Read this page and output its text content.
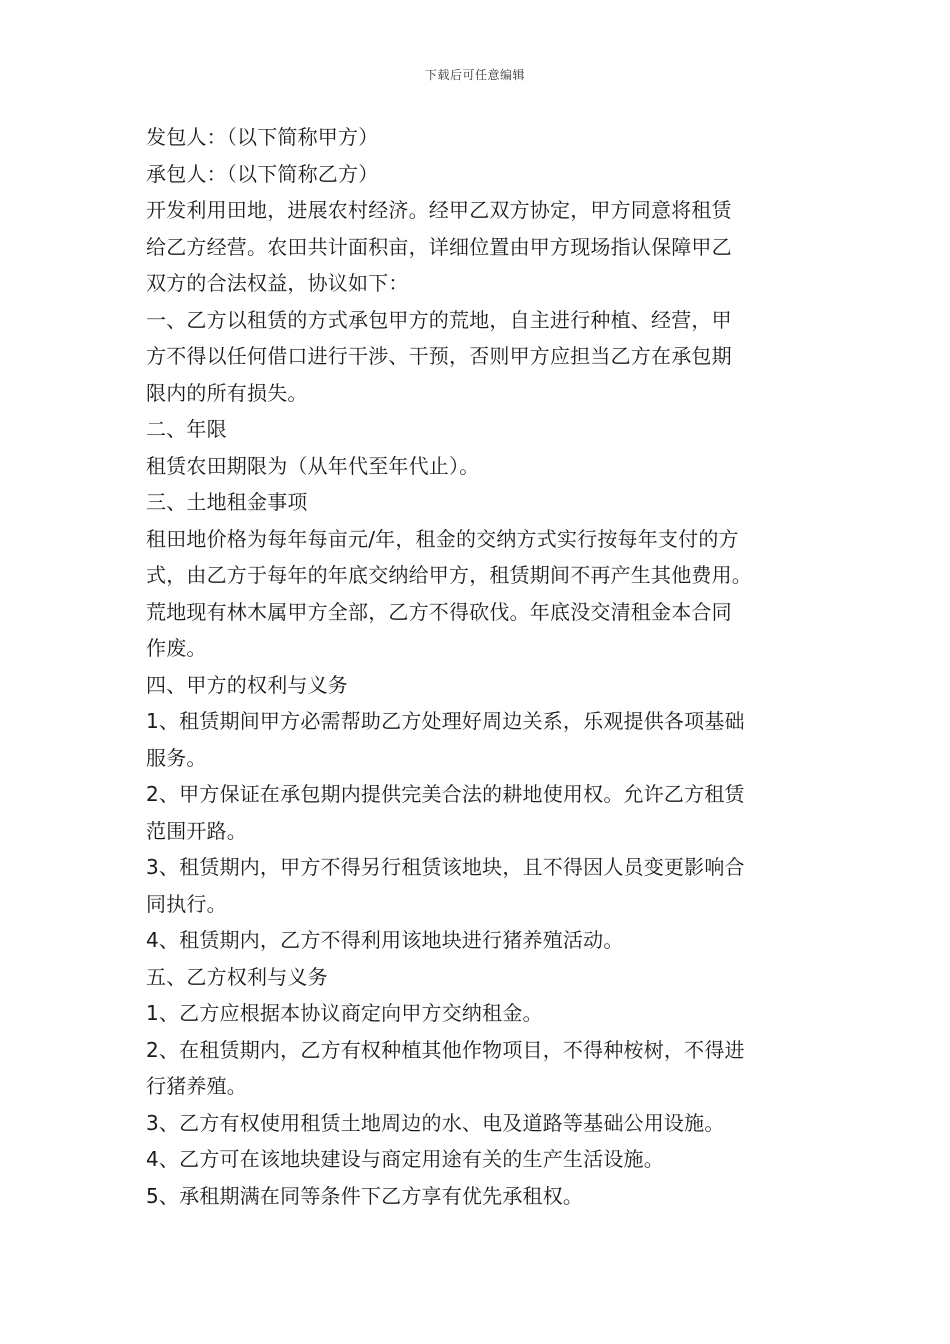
下载后可任意编辑

发包人：（以下简称甲方）

承包人：（以下简称乙方）

开发利用田地，进展农村经济。经甲乙双方协定，甲方同意将租赁

给乙方经营。农田共计面积亩，详细位置由甲方现场指认保障甲乙

双方的合法权益，协议如下：

一、乙方以租赁的方式承包甲方的荒地，自主进行种植、经营，甲

方不得以任何借口进行干涉、干预，否则甲方应担当乙方在承包期

限内的所有损失。

二、年限

租赁农田期限为（从年代至年代止）。

三、土地租金事项

租田地价格为每年每亩元/年，租金的交纳方式实行按每年支付的方

式，由乙方于每年的年底交纳给甲方，租赁期间不再产生其他费用。

荒地现有林木属甲方全部，乙方不得砍伐。年底没交清租金本合同

作废。

四、甲方的权利与义务

1、租赁期间甲方必需帮助乙方处理好周边关系，乐观提供各项基础

服务。

2、甲方保证在承包期内提供完美合法的耕地使用权。允许乙方租赁

范围开路。

3、租赁期内，甲方不得另行租赁该地块，且不得因人员变更影响合

同执行。

4、租赁期内，乙方不得利用该地块进行猪养殖活动。

五、乙方权利与义务

1、乙方应根据本协议商定向甲方交纳租金。

2、在租赁期内，乙方有权种植其他作物项目，不得种桉树，不得进

行猪养殖。

3、乙方有权使用租赁土地周边的水、电及道路等基础公用设施。

4、乙方可在该地块建设与商定用途有关的生产生活设施。

5、承租期满在同等条件下乙方享有优先承租权。
